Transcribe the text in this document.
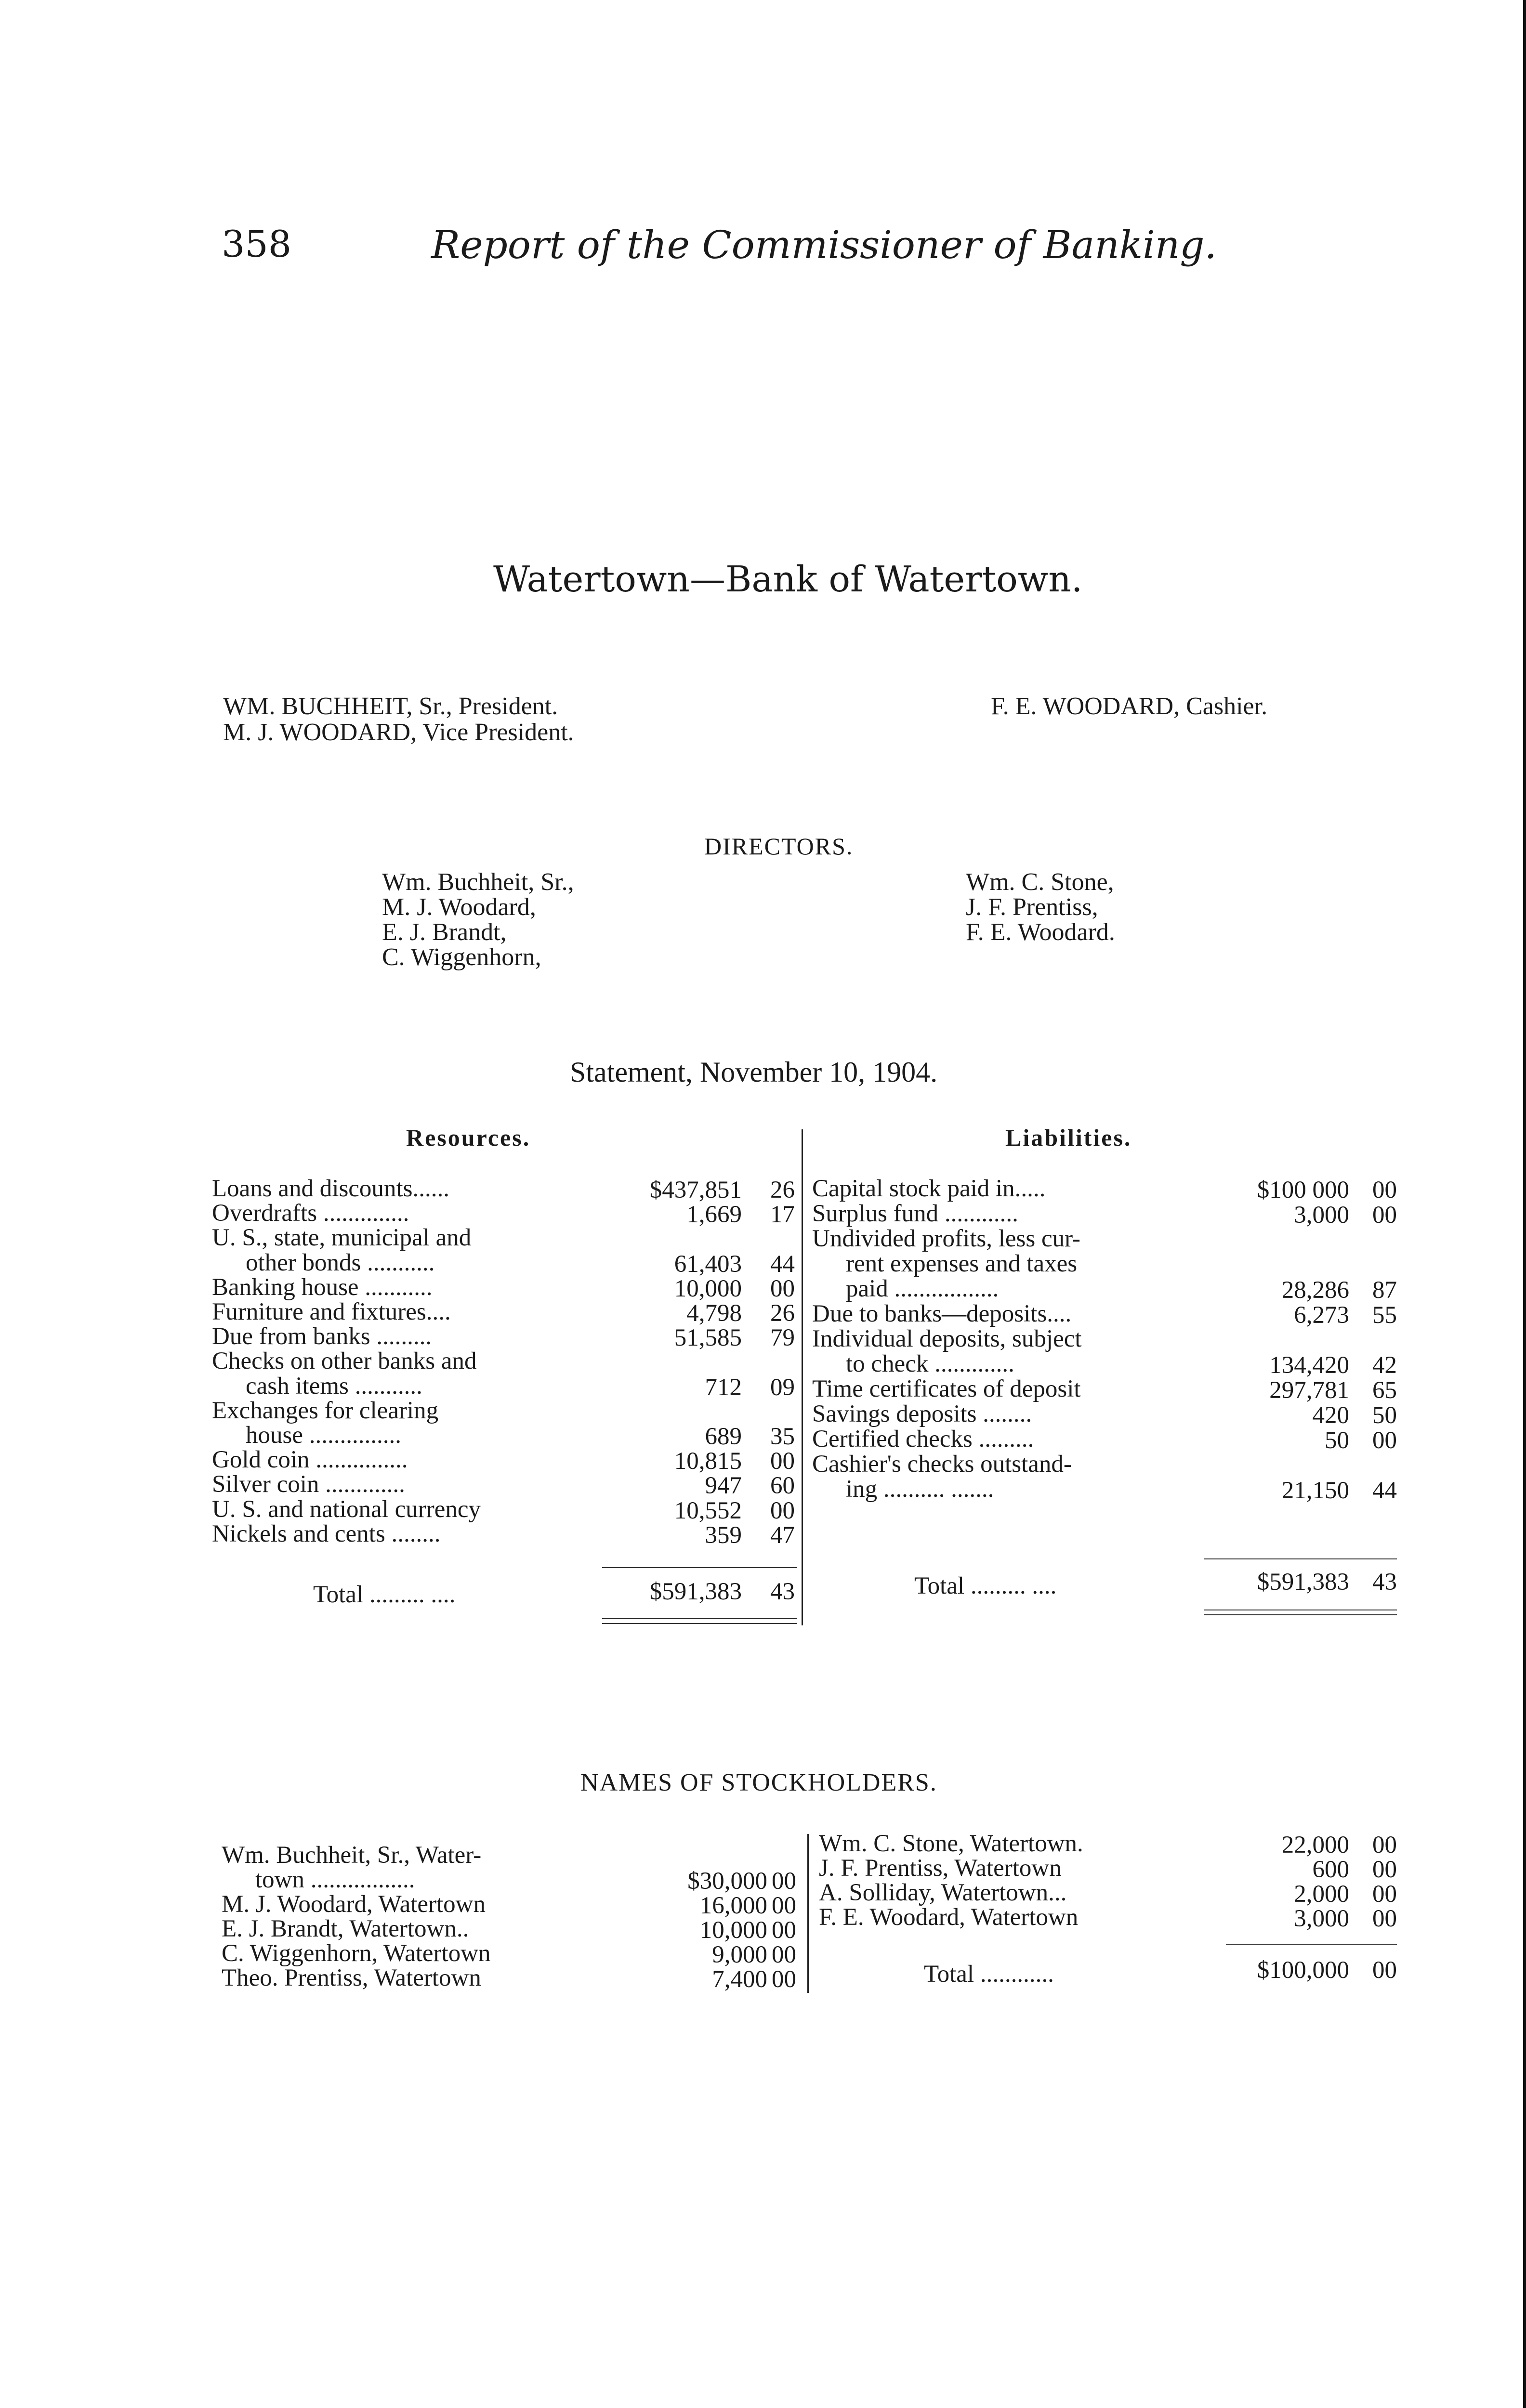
358	Report of the Commissioner of Banking.
Watertown—Bank of Watertown.
WM. BUCHHEIT, Sr., President.
M. J. WOODARD, Vice President.
F. E. WOODARD, Cashier.
DIRECTORS.
Wm. Buchheit, Sr.,
M. J. Woodard,
E. J. Brandt,
C. Wiggenhorn,
Wm. C. Stone,
J. F. Prentiss,
F. E. Woodard.
Statement, November 10, 1904.
Resources.	Liabilities.
Loans and discounts......	$437,851 26
Overdrafts ..............	1,669 17
U. S., state, municipal and
other bonds ...........	61,403 44
Banking house ...........	10,000 00
Furniture and fixtures....	4,798 26
Due from banks .........	51,585 79
Checks on other banks and
cash items ...........	712 09
Exchanges for clearing
house ...............	689 35
Gold coin ...............	10,815 00
Silver coin .............	947 60
U. S. and national currency	10,552 00
Nickels and cents ........	359 47
Capital stock paid in.....	$100 000 00
Surplus fund ............	3,000 00
Undivided profits, less cur-
rent expenses and taxes
paid .................	28,286 87
Due to banks—deposits....	6,273 55
Individual deposits, subject
to check .............	134,420 42
Time certificates of deposit	297,781 65
Savings deposits ........	420 50
Certified checks .........	50 00
Cashier's checks outstand-
ing .......... .......	21,150 44
Total ......... ....	$591,383 43	Total ......... ....	$591,383 43
NAMES OF STOCKHOLDERS.
Wm. Buchheit, Sr., Water-
town .................	$30,000 00
M. J. Woodard, Watertown	16,000 00
E. J. Brandt, Watertown..	10,000 00
C. Wiggenhorn, Watertown	9,000 00
Theo. Prentiss, Watertown	7,400 00
Wm. C. Stone, Watertown.	22,000 00
J. F. Prentiss, Watertown	600 00
A. Solliday, Watertown...	2,000 00
F. E. Woodard, Watertown	3,000 00
Total ............	$100,000 00
